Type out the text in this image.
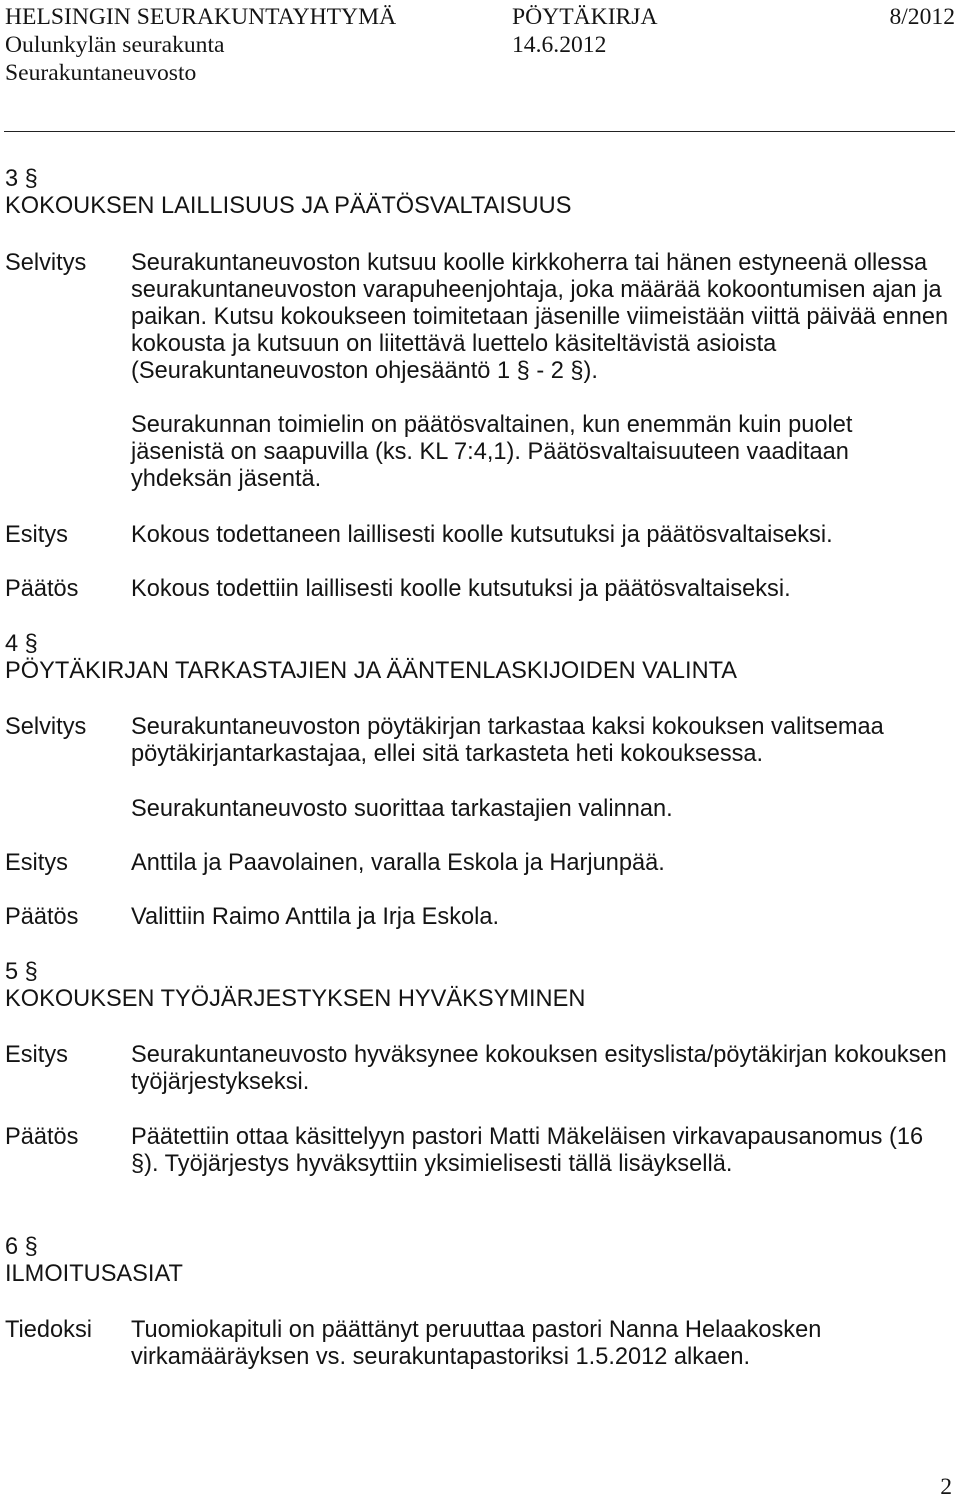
HELSINGIN SEURAKUNTAYHTYMÄ	PÖYTÄKIRJA	8/2012
Oulunkylän seurakunta	14.6.2012
Seurakuntaneuvosto
3 §
KOKOUKSEN LAILLISUUS JA PÄÄTÖSVALTAISUUS
Selvitys Seurakuntaneuvoston kutsuu koolle kirkkoherra tai hänen estyneenä ollessa
seurakuntaneuvoston varapuheenjohtaja, joka määrää kokoontumisen ajan ja
paikan. Kutsu kokoukseen toimitetaan jäsenille viimeistään viittä päivää ennen
kokousta ja kutsuun on liitettävä luettelo käsiteltävistä asioista
(Seurakuntaneuvoston ohjesääntö 1 § - 2 §).
Seurakunnan toimielin on päätösvaltainen, kun enemmän kuin puolet
jäsenistä on saapuvilla (ks. KL 7:4,1). Päätösvaltaisuuteen vaaditaan
yhdeksän jäsentä.
Esitys	Kokous todettaneen laillisesti koolle kutsutuksi ja päätösvaltaiseksi.
Päätös Kokous todettiin laillisesti koolle kutsutuksi ja päätösvaltaiseksi.
4 §
PÖYTÄKIRJAN TARKASTAJIEN JA ÄÄNTENLASKIJOIDEN VALINTA
Selvitys Seurakuntaneuvoston pöytäkirjan tarkastaa kaksi kokouksen valitsemaa
pöytäkirjantarkastajaa, ellei sitä tarkasteta heti kokouksessa.
Seurakuntaneuvosto suorittaa tarkastajien valinnan.
Esitys	Anttila ja Paavolainen, varalla Eskola ja Harjunpää.
Päätös Valittiin Raimo Anttila ja Irja Eskola.
5 §
KOKOUKSEN TYÖJÄRJESTYKSEN HYVÄKSYMINEN
Esitys	Seurakuntaneuvosto hyväksynee kokouksen esityslista/pöytäkirjan kokouksen
työjärjestykseksi.
Päätös Päätettiin ottaa käsittelyyn pastori Matti Mäkeläisen virkavapausanomus (16
§). Työjärjestys hyväksyttiin yksimielisesti tällä lisäyksellä.
6 §
ILMOITUSASIAT
Tiedoksi Tuomiokapituli on päättänyt peruuttaa pastori Nanna Helaakosken
virkamääräyksen vs. seurakuntapastoriksi 1.5.2012 alkaen.
2
